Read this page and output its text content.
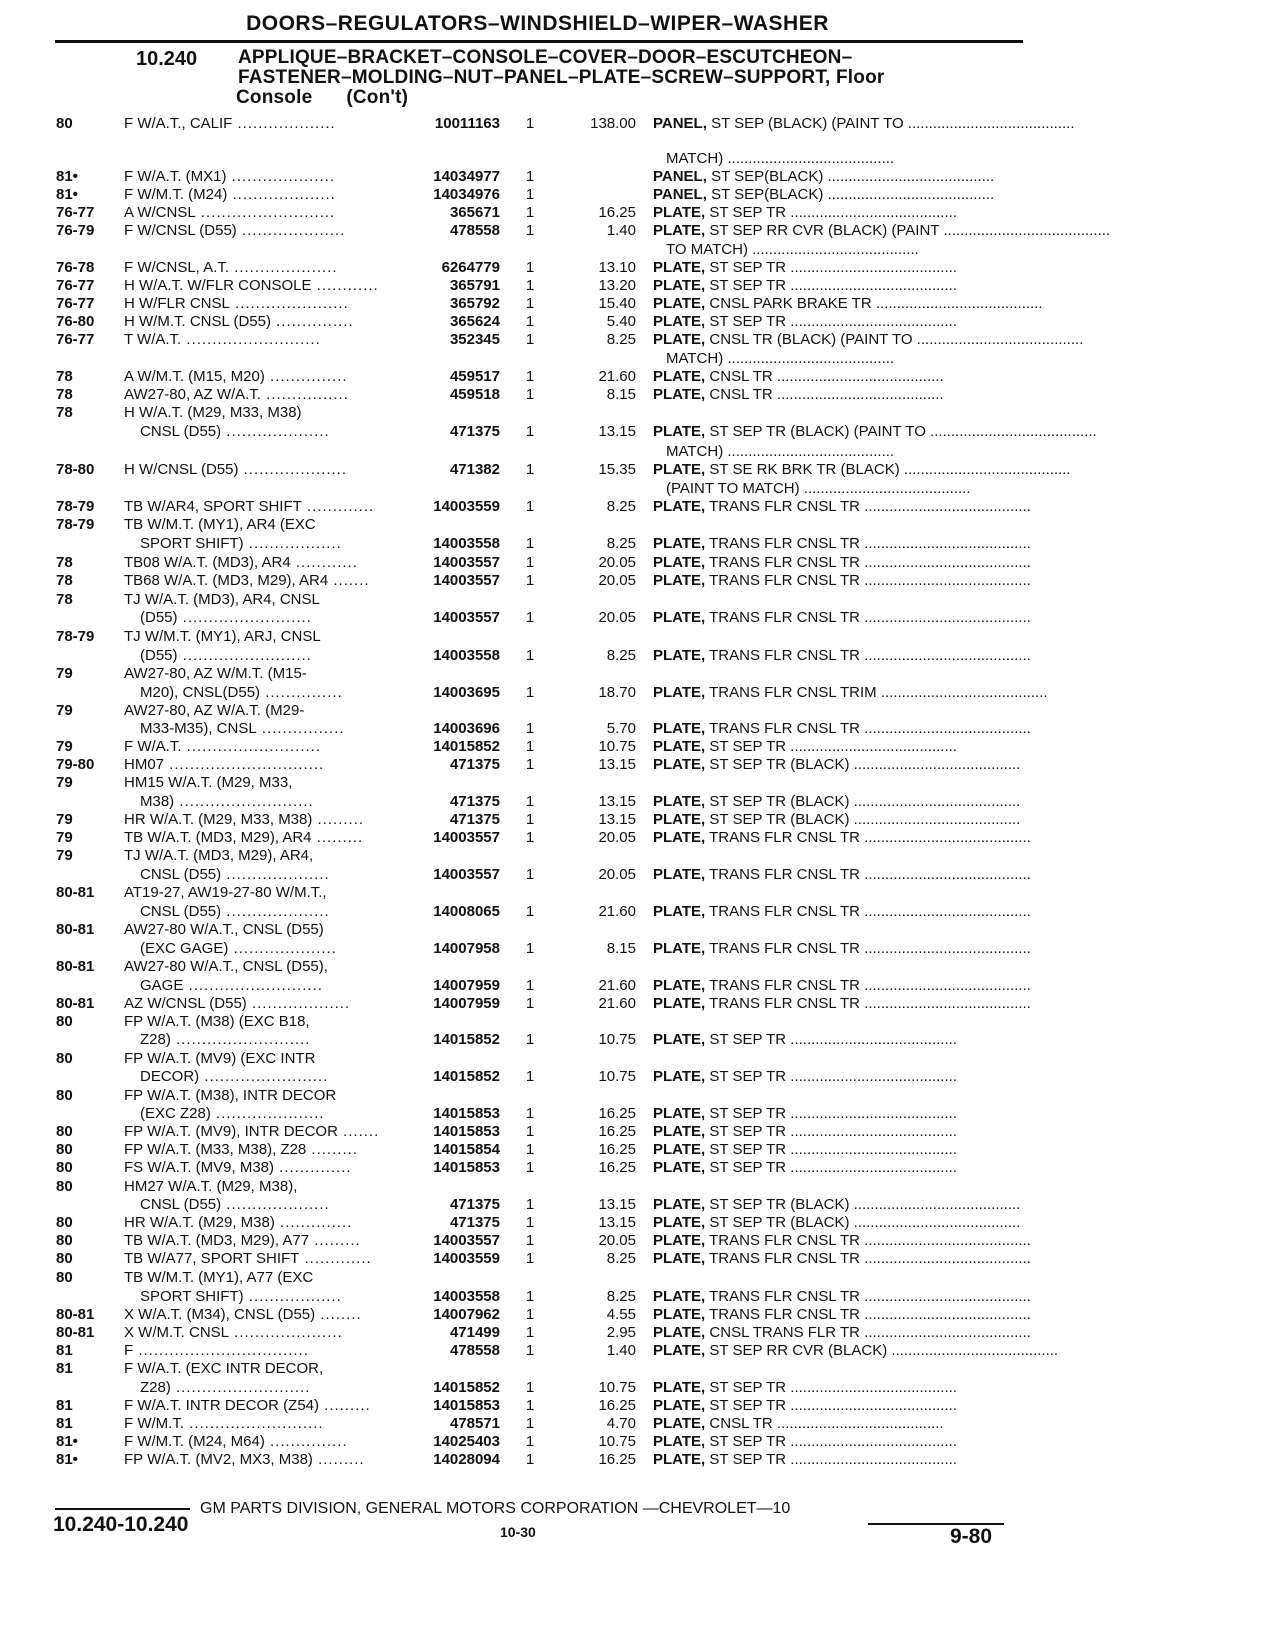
DOORS–REGULATORS–WINDSHIELD–WIPER–WASHER
10.240 APPLIQUE–BRACKET–CONSOLE–COVER–DOOR–ESCUTCHEON–
FASTENER–MOLDING–NUT–PANEL–PLATE–SCREW–SUPPORT, Floor
Console (Con't)
80	F W/A.T., CALIF ...................	10011163	1	138.00 PANEL, ST SEP (BLACK) (PAINT TO ........................................
MATCH) ........................................
81•	F W/A.T. (MX1) ....................	14034977	1	PANEL, ST SEP(BLACK) ........................................
81•	F W/M.T. (M24) ....................	14034976	1	PANEL, ST SEP(BLACK) ........................................
76-77	A W/CNSL ..........................	365671	1	16.25 PLATE, ST SEP TR ........................................
76-79	F W/CNSL (D55) ....................	478558	1	1.40 PLATE, ST SEP RR CVR (BLACK) (PAINT ........................................
TO MATCH) ........................................
76-78	F W/CNSL, A.T. ....................	6264779	1	13.10 PLATE, ST SEP TR ........................................
76-77	H W/A.T. W/FLR CONSOLE ............	365791	1	13.20 PLATE, ST SEP TR ........................................
76-77	H W/FLR CNSL ......................	365792	1	15.40 PLATE, CNSL PARK BRAKE TR ........................................
76-80	H W/M.T. CNSL (D55) ...............	365624	1	5.40 PLATE, ST SEP TR ........................................
76-77	T W/A.T. ..........................	352345	1	8.25 PLATE, CNSL TR (BLACK) (PAINT TO ........................................
MATCH) ........................................
78	A W/M.T. (M15, M20) ...............	459517	1	21.60 PLATE, CNSL TR ........................................
78	AW27-80, AZ W/A.T. ................	459518	1	8.15 PLATE, CNSL TR ........................................
78	H W/A.T. (M29, M33, M38)
CNSL (D55) ....................	471375	1	13.15 PLATE, ST SEP TR (BLACK) (PAINT TO ........................................
MATCH) ........................................
78-80	H W/CNSL (D55) ....................	471382	1	15.35 PLATE, ST SE RK BRK TR (BLACK) ........................................
(PAINT TO MATCH) ........................................
78-79	TB W/AR4, SPORT SHIFT .............	14003559	1	8.25 PLATE, TRANS FLR CNSL TR ........................................
78-79	TB W/M.T. (MY1), AR4 (EXC
SPORT SHIFT) ..................	14003558	1	8.25 PLATE, TRANS FLR CNSL TR ........................................
78	TB08 W/A.T. (MD3), AR4 ............	14003557	1	20.05 PLATE, TRANS FLR CNSL TR ........................................
78	TB68 W/A.T. (MD3, M29), AR4 .......	14003557	1	20.05 PLATE, TRANS FLR CNSL TR ........................................
78	TJ W/A.T. (MD3), AR4, CNSL
(D55) .........................	14003557	1	20.05 PLATE, TRANS FLR CNSL TR ........................................
78-79	TJ W/M.T. (MY1), ARJ, CNSL
(D55) .........................	14003558	1	8.25 PLATE, TRANS FLR CNSL TR ........................................
79	AW27-80, AZ W/M.T. (M15-
M20), CNSL(D55) ...............	14003695	1	18.70 PLATE, TRANS FLR CNSL TRIM ........................................
79	AW27-80, AZ W/A.T. (M29-
M33-M35), CNSL ................	14003696	1	5.70 PLATE, TRANS FLR CNSL TR ........................................
79	F W/A.T. ..........................	14015852	1	10.75 PLATE, ST SEP TR ........................................
79-80	HM07 ..............................	471375	1	13.15 PLATE, ST SEP TR (BLACK) ........................................
79	HM15 W/A.T. (M29, M33,
M38) ..........................	471375	1	13.15 PLATE, ST SEP TR (BLACK) ........................................
79	HR W/A.T. (M29, M33, M38) .........	471375	1	13.15 PLATE, ST SEP TR (BLACK) ........................................
79	TB W/A.T. (MD3, M29), AR4 .........	14003557	1	20.05 PLATE, TRANS FLR CNSL TR ........................................
79	TJ W/A.T. (MD3, M29), AR4,
CNSL (D55) ....................	14003557	1	20.05 PLATE, TRANS FLR CNSL TR ........................................
80-81	AT19-27, AW19-27-80 W/M.T.,
CNSL (D55) ....................	14008065	1	21.60 PLATE, TRANS FLR CNSL TR ........................................
80-81	AW27-80 W/A.T., CNSL (D55)
(EXC GAGE) ....................	14007958	1	8.15 PLATE, TRANS FLR CNSL TR ........................................
80-81	AW27-80 W/A.T., CNSL (D55),
GAGE ..........................	14007959	1	21.60 PLATE, TRANS FLR CNSL TR ........................................
80-81	AZ W/CNSL (D55) ...................	14007959	1	21.60 PLATE, TRANS FLR CNSL TR ........................................
80	FP W/A.T. (M38) (EXC B18,
Z28) ..........................	14015852	1	10.75 PLATE, ST SEP TR ........................................
80	FP W/A.T. (MV9) (EXC INTR
DECOR) ........................	14015852	1	10.75 PLATE, ST SEP TR ........................................
80	FP W/A.T. (M38), INTR DECOR
(EXC Z28) .....................	14015853	1	16.25 PLATE, ST SEP TR ........................................
80	FP W/A.T. (MV9), INTR DECOR .......	14015853	1	16.25 PLATE, ST SEP TR ........................................
80	FP W/A.T. (M33, M38), Z28 .........	14015854	1	16.25 PLATE, ST SEP TR ........................................
80	FS W/A.T. (MV9, M38) ..............	14015853	1	16.25 PLATE, ST SEP TR ........................................
80	HM27 W/A.T. (M29, M38),
CNSL (D55) ....................	471375	1	13.15 PLATE, ST SEP TR (BLACK) ........................................
80	HR W/A.T. (M29, M38) ..............	471375	1	13.15 PLATE, ST SEP TR (BLACK) ........................................
80	TB W/A.T. (MD3, M29), A77 .........	14003557	1	20.05 PLATE, TRANS FLR CNSL TR ........................................
80	TB W/A77, SPORT SHIFT .............	14003559	1	8.25 PLATE, TRANS FLR CNSL TR ........................................
80	TB W/M.T. (MY1), A77 (EXC
SPORT SHIFT) ..................	14003558	1	8.25 PLATE, TRANS FLR CNSL TR ........................................
80-81	X W/A.T. (M34), CNSL (D55) ........	14007962	1	4.55 PLATE, TRANS FLR CNSL TR ........................................
80-81	X W/M.T. CNSL .....................	471499	1	2.95 PLATE, CNSL TRANS FLR TR ........................................
81	F .................................	478558	1	1.40 PLATE, ST SEP RR CVR (BLACK) ........................................
81	F W/A.T. (EXC INTR DECOR,
Z28) ..........................	14015852	1	10.75 PLATE, ST SEP TR ........................................
81	F W/A.T. INTR DECOR (Z54) .........	14015853	1	16.25 PLATE, ST SEP TR ........................................
81	F W/M.T. ..........................	478571	1	4.70 PLATE, CNSL TR ........................................
81•	F W/M.T. (M24, M64) ...............	14025403	1	10.75 PLATE, ST SEP TR ........................................
81•	FP W/A.T. (MV2, MX3, M38) .........	14028094	1	16.25 PLATE, ST SEP TR ........................................
GM PARTS DIVISION, GENERAL MOTORS CORPORATION —CHEVROLET—10
10.240-10.240	10-30	9-80
